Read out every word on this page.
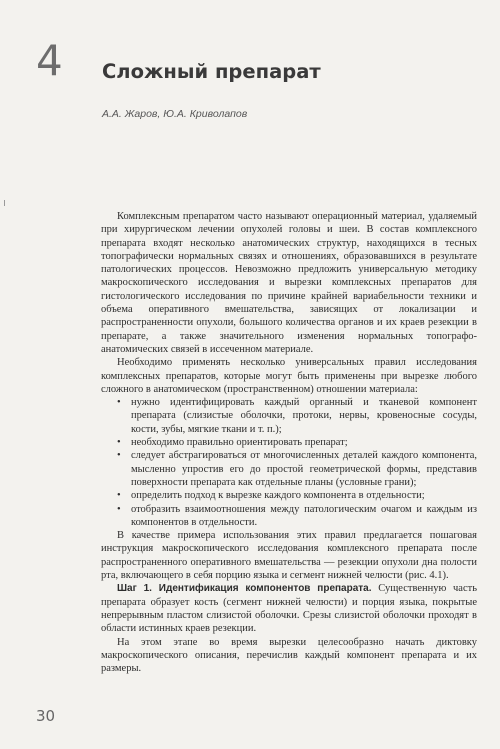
4 Сложный препарат
А.А. Жаров, Ю.А. Криволапов

Комплексным препаратом часто называют операционный материал, удаляемый при хирургическом лечении опухолей головы и шеи. В состав комплексного препарата входят несколько анатомических структур, находящихся в тесных топографически нормальных связях и отношениях, образовавшихся в результате патологических процессов. Невозможно предложить универсальную методику макроскопического исследования и вырезки комплексных препаратов для гистологического исследования по причине крайней вариабельности техники и объема оперативного вмешательства, зависящих от локализации и распространенности опухоли, большого количества органов и их краев резекции в препарате, а также значительного изменения нормальных топографо-анатомических связей в иссеченном материале.

Необходимо применять несколько универсальных правил исследования комплексных препаратов, которые могут быть применены при вырезке любого сложного в анатомическом (пространственном) отношении материала:

• нужно идентифицировать каждый органный и тканевой компонент препарата (слизистые оболочки, протоки, нервы, кровеносные сосуды, кости, зубы, мягкие ткани и т. п.);
• необходимо правильно ориентировать препарат;
• следует абстрагироваться от многочисленных деталей каждого компонента, мысленно упростив его до простой геометрической формы, представив поверхности препарата как отдельные планы (условные грани);
• определить подход к вырезке каждого компонента в отдельности;
• отобразить взаимоотношения между патологическим очагом и каждым из компонентов в отдельности.

В качестве примера использования этих правил предлагается пошаговая инструкция макроскопического исследования комплексного препарата после распространенного оперативного вмешательства — резекции опухоли дна полости рта, включающего в себя порцию языка и сегмент нижней челюсти (рис. 4.1).

Шаг 1. Идентификация компонентов препарата. Существенную часть препарата образует кость (сегмент нижней челюсти) и порция языка, покрытые непрерывным пластом слизистой оболочки. Срезы слизистой оболочки проходят в области истинных краев резекции.

На этом этапе во время вырезки целесообразно начать диктовку макроскопического описания, перечислив каждый компонент препарата и их размеры.

30
